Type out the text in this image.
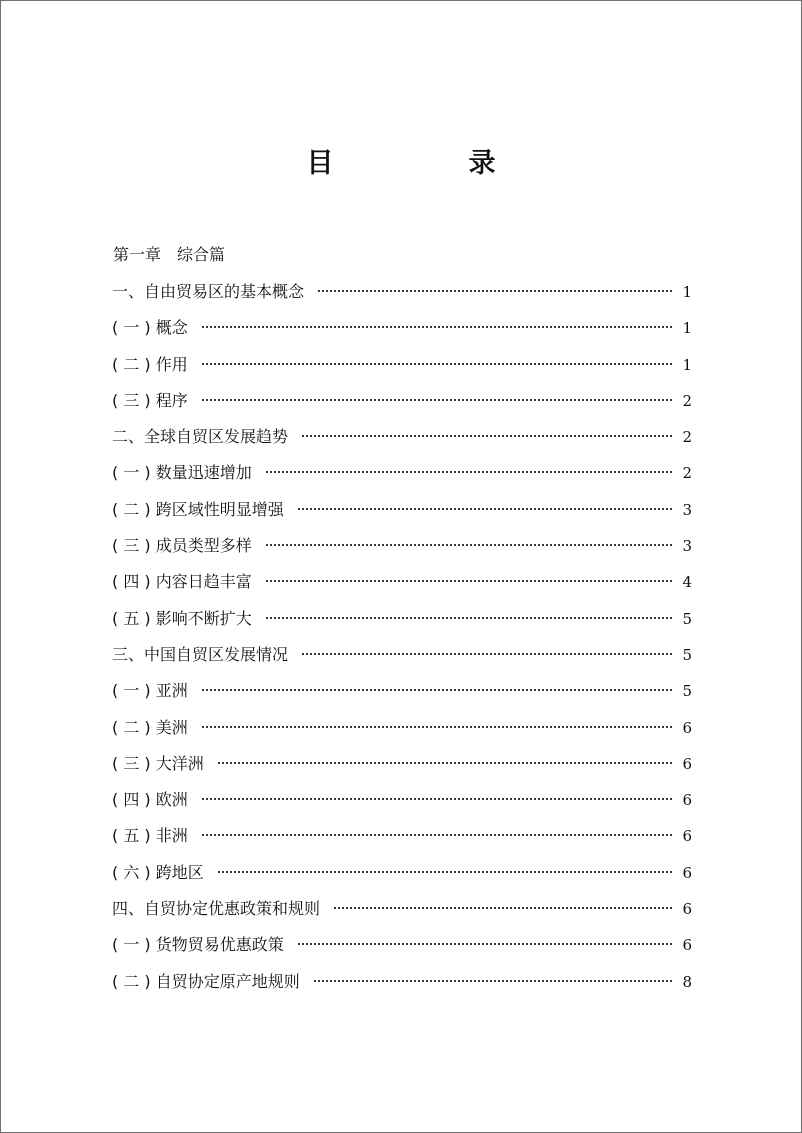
目　录
第一章　综合篇
一、自由贸易区的基本概念	1
( 一 ) 概念	1
( 二 ) 作用	1
( 三 ) 程序	2
二、全球自贸区发展趋势	2
( 一 ) 数量迅速增加	2
( 二 ) 跨区域性明显增强	3
( 三 ) 成员类型多样	3
( 四 ) 内容日趋丰富	4
( 五 ) 影响不断扩大	5
三、中国自贸区发展情况	5
( 一 ) 亚洲	5
( 二 ) 美洲	6
( 三 ) 大洋洲	6
( 四 ) 欧洲	6
( 五 ) 非洲	6
( 六 ) 跨地区	6
四、自贸协定优惠政策和规则	6
( 一 ) 货物贸易优惠政策	6
( 二 ) 自贸协定原产地规则	8
